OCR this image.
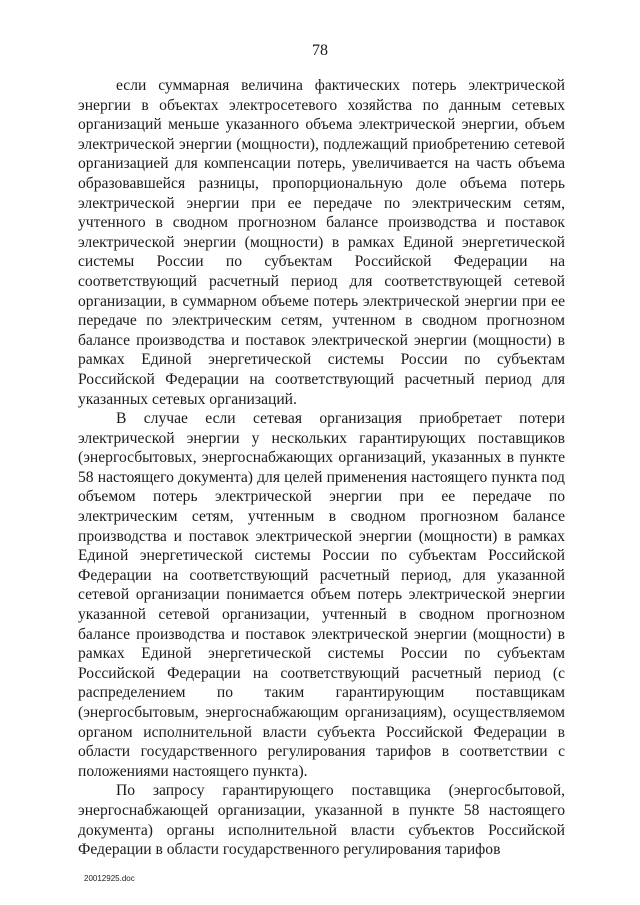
78

если суммарная величина фактических потерь электрической энергии в объектах электросетевого хозяйства по данным сетевых организаций меньше указанного объема электрической энергии, объем электрической энергии (мощности), подлежащий приобретению сетевой организацией для компенсации потерь, увеличивается на часть объема образовавшейся разницы, пропорциональную доле объема потерь электрической энергии при ее передаче по электрическим сетям, учтенного в сводном прогнозном балансе производства и поставок электрической энергии (мощности) в рамках Единой энергетической системы России по субъектам Российской Федерации на соответствующий расчетный период для соответствующей сетевой организации, в суммарном объеме потерь электрической энергии при ее передаче по электрическим сетям, учтенном в сводном прогнозном балансе производства и поставок электрической энергии (мощности) в рамках Единой энергетической системы России по субъектам Российской Федерации на соответствующий расчетный период для указанных сетевых организаций.

В случае если сетевая организация приобретает потери электрической энергии у нескольких гарантирующих поставщиков (энергосбытовых, энергоснабжающих организаций, указанных в пункте 58 настоящего документа) для целей применения настоящего пункта под объемом потерь электрической энергии при ее передаче по электрическим сетям, учтенным в сводном прогнозном балансе производства и поставок электрической энергии (мощности) в рамках Единой энергетической системы России по субъектам Российской Федерации на соответствующий расчетный период, для указанной сетевой организации понимается объем потерь электрической энергии указанной сетевой организации, учтенный в сводном прогнозном балансе производства и поставок электрической энергии (мощности) в рамках Единой энергетической системы России по субъектам Российской Федерации на соответствующий расчетный период (с распределением по таким гарантирующим поставщикам (энергосбытовым, энергоснабжающим организациям), осуществляемом органом исполнительной власти субъекта Российской Федерации в области государственного регулирования тарифов в соответствии с положениями настоящего пункта).

По запросу гарантирующего поставщика (энергосбытовой, энергоснабжающей организации, указанной в пункте 58 настоящего документа) органы исполнительной власти субъектов Российской Федерации в области государственного регулирования тарифов

20012925.doc
